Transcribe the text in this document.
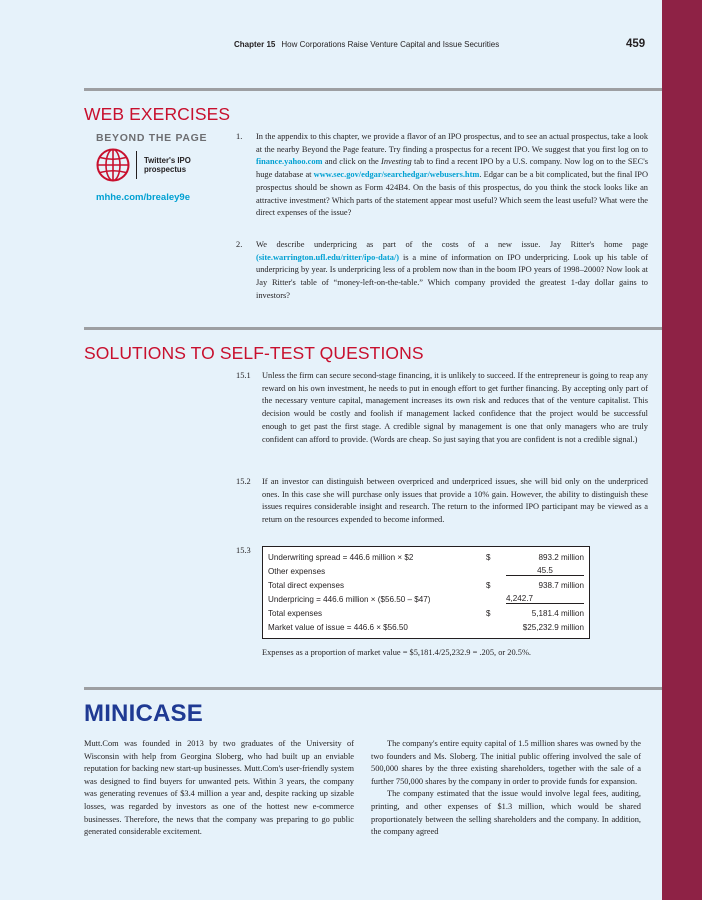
Chapter 15 How Corporations Raise Venture Capital and Issue Securities	459
WEB EXERCISES
BEYOND THE PAGE
Twitter's IPO
prospectus
mhhe.com/brealey9e
1. In the appendix to this chapter, we provide a flavor of an IPO prospectus, and to see an actual prospectus, take a look at the nearby Beyond the Page feature. Try finding a prospectus for a recent IPO. We suggest that you first log on to finance.yahoo.com and click on the Investing tab to find a recent IPO by a U.S. company. Now log on to the SEC's huge database at www.sec.gov/edgar/searchedgar/webusers.htm. Edgar can be a bit complicated, but the final IPO prospectus should be shown as Form 424B4. On the basis of this prospectus, do you think the stock looks like an attractive investment? Which parts of the statement appear most useful? Which seem the least useful? What were the direct expenses of the issue?
2. We describe underpricing as part of the costs of a new issue. Jay Ritter's home page (site.warrington.ufl.edu/ritter/ipo-data/) is a mine of information on IPO underpricing. Look up his table of underpricing by year. Is underpricing less of a problem now than in the boom IPO years of 1998–2000? Now look at Jay Ritter's table of “money-left-on-the-table.” Which company provided the greatest 1-day dollar gains to investors?
SOLUTIONS TO SELF-TEST QUESTIONS
15.1 Unless the firm can secure second-stage financing, it is unlikely to succeed. If the entrepreneur is going to reap any reward on his own investment, he needs to put in enough effort to get further financing. By accepting only part of the necessary venture capital, management increases its own risk and reduces that of the venture capitalist. This decision would be costly and foolish if management lacked confidence that the project would be successful enough to get past the first stage. A credible signal by management is one that only managers who are truly confident can afford to provide. (Words are cheap. So just saying that you are confident is not a credible signal.)
15.2 If an investor can distinguish between overpriced and underpriced issues, she will bid only on the underpriced ones. In this case she will purchase only issues that provide a 10% gain. However, the ability to distinguish these issues requires considerable insight and research. The return to the informed IPO participant may be viewed as a return on the resources expended to become informed.
15.3
Underwriting spread = 446.6 million × $2	$	893.2 million
Other expenses		45.5
Total direct expenses	$	938.7 million
Underpricing = 446.6 million × ($56.50 – $47)		4,242.7
Total expenses	$	5,181.4 million
Market value of issue = 446.6 × $56.50		$25,232.9 million
Expenses as a proportion of market value = $5,181.4/25,232.9 = .205, or 20.5%.
MINICASE

Mutt.Com was founded in 2013 by two graduates of the University of Wisconsin with help from Georgina Sloberg, who had built up an enviable reputation for backing new start-up businesses. Mutt.Com's user-friendly system was designed to find buyers for unwanted pets. Within 3 years, the company was generating revenues of $3.4 million a year and, despite racking up sizable losses, was regarded by investors as one of the hottest new e-commerce businesses. Therefore, the news that the company was preparing to go public generated considerable excitement.

The company's entire equity capital of 1.5 million shares was owned by the two founders and Ms. Sloberg. The initial public offering involved the sale of 500,000 shares by the three existing shareholders, together with the sale of a further 750,000 shares by the company in order to provide funds for expansion.

The company estimated that the issue would involve legal fees, auditing, printing, and other expenses of $1.3 million, which would be shared proportionately between the selling shareholders and the company. In addition, the company agreed
